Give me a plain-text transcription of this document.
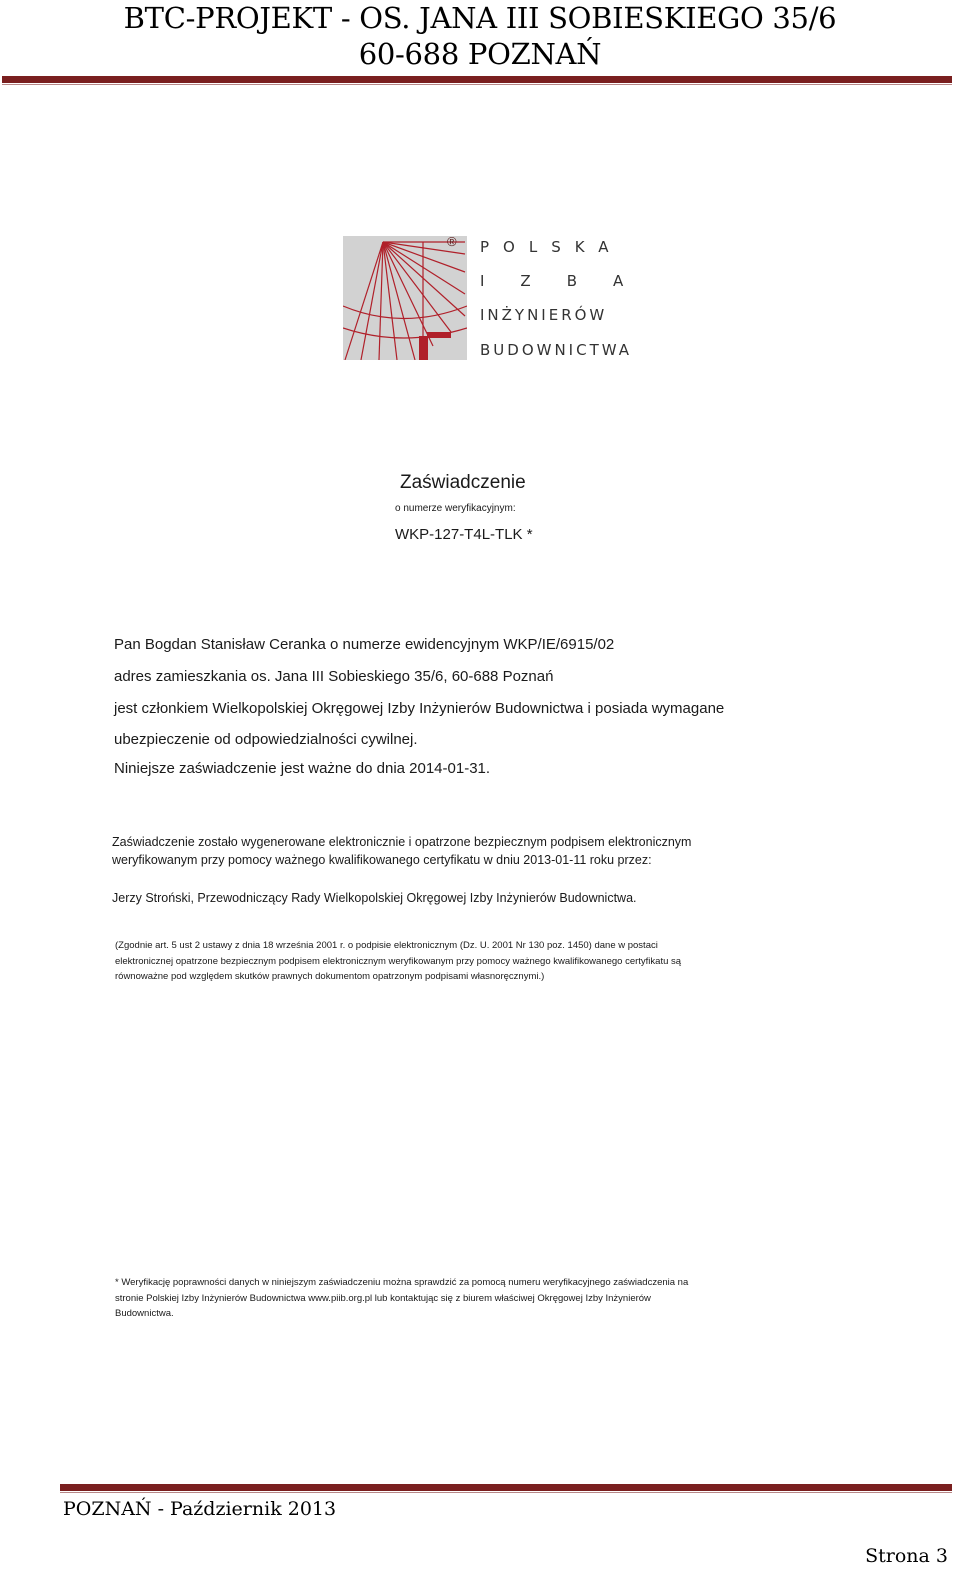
BTC-PROJEKT - OS. JANA III SOBIESKIEGO 35/6
60-688 POZNAŃ
® POLSKA
IZBA
INŻYNIERÓW
BUDOWNICTWA
Zaświadczenie
o numerze weryfikacyjnym:
WKP-127-T4L-TLK *
Pan Bogdan Stanisław Ceranka o numerze ewidencyjnym WKP/IE/6915/02
adres zamieszkania os. Jana III Sobieskiego 35/6, 60-688 Poznań
jest członkiem Wielkopolskiej Okręgowej Izby Inżynierów Budownictwa i posiada wymagane
ubezpieczenie od odpowiedzialności cywilnej.
Niniejsze zaświadczenie jest ważne do dnia 2014-01-31.
Zaświadczenie zostało wygenerowane elektronicznie i opatrzone bezpiecznym podpisem elektronicznym
weryfikowanym przy pomocy ważnego kwalifikowanego certyfikatu w dniu 2013-01-11 roku przez:
Jerzy Stroński, Przewodniczący Rady Wielkopolskiej Okręgowej Izby Inżynierów Budownictwa.
(Zgodnie art. 5 ust 2 ustawy z dnia 18 września 2001 r. o podpisie elektronicznym (Dz. U. 2001 Nr 130 poz. 1450) dane w postaci
elektronicznej opatrzone bezpiecznym podpisem elektronicznym weryfikowanym przy pomocy ważnego kwalifikowanego certyfikatu są
równoważne pod względem skutków prawnych dokumentom opatrzonym podpisami własnoręcznymi.)
* Weryfikację poprawności danych w niniejszym zaświadczeniu można sprawdzić za pomocą numeru weryfikacyjnego zaświadczenia na
stronie Polskiej Izby Inżynierów Budownictwa www.piib.org.pl lub kontaktując się z biurem właściwej Okręgowej Izby Inżynierów
Budownictwa.
POZNAŃ - Październik 2013
Strona 3
